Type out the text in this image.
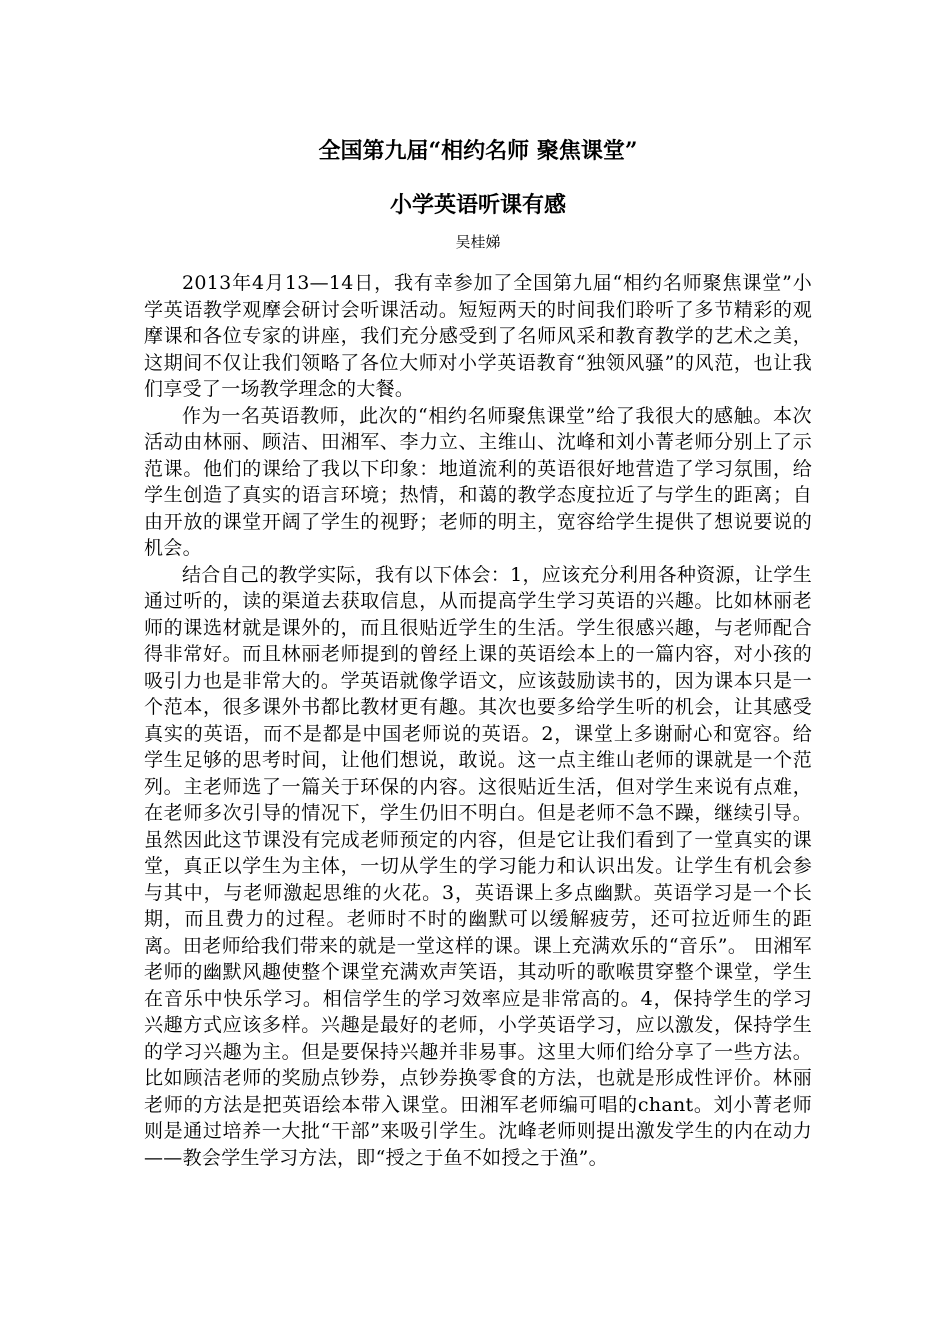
全国第九届“相约名师 聚焦课堂”
小学英语听课有感
吴桂娣

2013年4月13—14日，我有幸参加了全国第九届“相约名师聚焦课堂”小学英语教学观摩会研讨会听课活动。短短两天的时间我们聆听了多节精彩的观摩课和各位专家的讲座，我们充分感受到了名师风采和教育教学的艺术之美，这期间不仅让我们领略了各位大师对小学英语教育“独领风骚”的风范，也让我们享受了一场教学理念的大餐。

作为一名英语教师，此次的“相约名师聚焦课堂”给了我很大的感触。本次活动由林丽、顾洁、田湘军、李力立、主维山、沈峰和刘小菁老师分别上了示范课。他们的课给了我以下印象：地道流利的英语很好地营造了学习氛围，给学生创造了真实的语言环境；热情，和蔼的教学态度拉近了与学生的距离；自由开放的课堂开阔了学生的视野；老师的明主，宽容给学生提供了想说要说的机会。

结合自己的教学实际，我有以下体会：1，应该充分利用各种资源，让学生通过听的，读的渠道去获取信息，从而提高学生学习英语的兴趣。比如林丽老师的课选材就是课外的，而且很贴近学生的生活。学生很感兴趣，与老师配合得非常好。而且林丽老师提到的曾经上课的英语绘本上的一篇内容，对小孩的吸引力也是非常大的。学英语就像学语文，应该鼓励读书的，因为课本只是一个范本，很多课外书都比教材更有趣。其次也要多给学生听的机会，让其感受真实的英语，而不是都是中国老师说的英语。2，课堂上多谢耐心和宽容。给学生足够的思考时间，让他们想说，敢说。这一点主维山老师的课就是一个范列。主老师选了一篇关于环保的内容。这很贴近生活，但对学生来说有点难，在老师多次引导的情况下，学生仍旧不明白。但是老师不急不躁，继续引导。虽然因此这节课没有完成老师预定的内容，但是它让我们看到了一堂真实的课堂，真正以学生为主体，一切从学生的学习能力和认识出发。让学生有机会参与其中，与老师激起思维的火花。3，英语课上多点幽默。英语学习是一个长期，而且费力的过程。老师时不时的幽默可以缓解疲劳，还可拉近师生的距离。田老师给我们带来的就是一堂这样的课。课上充满欢乐的“音乐”。 田湘军老师的幽默风趣使整个课堂充满欢声笑语，其动听的歌喉贯穿整个课堂，学生在音乐中快乐学习。相信学生的学习效率应是非常高的。4，保持学生的学习兴趣方式应该多样。兴趣是最好的老师，小学英语学习，应以激发，保持学生的学习兴趣为主。但是要保持兴趣并非易事。这里大师们给分享了一些方法。比如顾洁老师的奖励点钞券，点钞券换零食的方法，也就是形成性评价。林丽老师的方法是把英语绘本带入课堂。田湘军老师编可唱的chant。刘小菁老师则是通过培养一大批“干部”来吸引学生。沈峰老师则提出激发学生的内在动力——教会学生学习方法，即“授之于鱼不如授之于渔”。
